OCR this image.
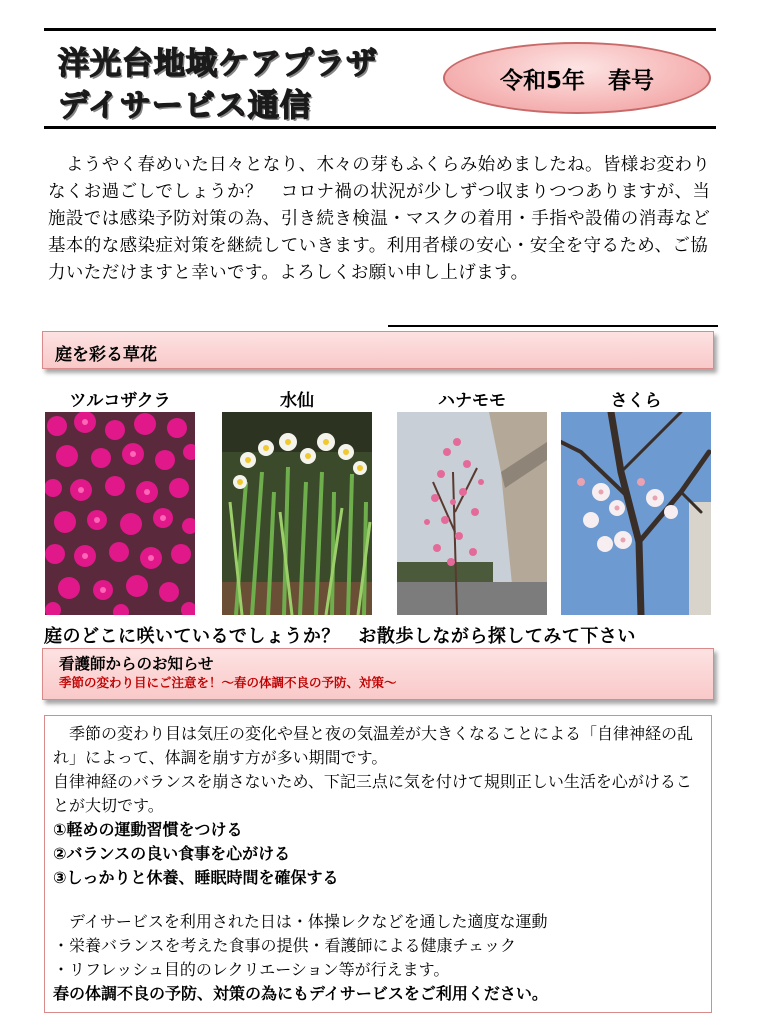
洋光台地域ケアプラザ
デイサービス通信
令和5年　春号

　ようやく春めいた日々となり、木々の芽もふくらみ始めましたね。皆様お変わりなくお過ごしでしょうか？　コロナ禍の状況が少しずつ収まりつつありますが、当施設では感染予防対策の為、引き続き検温・マスクの着用・手指や設備の消毒など基本的な感染症対策を継続していきます。利用者様の安心・安全を守るため、ご協力いただけますと幸いです。よろしくお願い申し上げます。

庭を彩る草花
ツルコザクラ	水仙	ハナモモ	さくら
庭のどこに咲いているでしょうか？　お散歩しながら探してみて下さい
看護師からのお知らせ
季節の変わり目にご注意を！～春の体調不良の予防、対策～

　季節の変わり目は気圧の変化や昼と夜の気温差が大きくなることによる「自律神経の乱れ」によって、体調を崩す方が多い期間です。

自律神経のバランスを崩さないため、下記三点に気を付けて規則正しい生活を心がけることが大切です。

①軽めの運動習慣をつける

②バランスの良い食事を心がける

③しっかりと休養、睡眠時間を確保する

　デイサービスを利用された日は・体操レクなどを通した適度な運動

・栄養バランスを考えた食事の提供・看護師による健康チェック

・リフレッシュ目的のレクリエーション等が行えます。

春の体調不良の予防、対策の為にもデイサービスをご利用ください。
